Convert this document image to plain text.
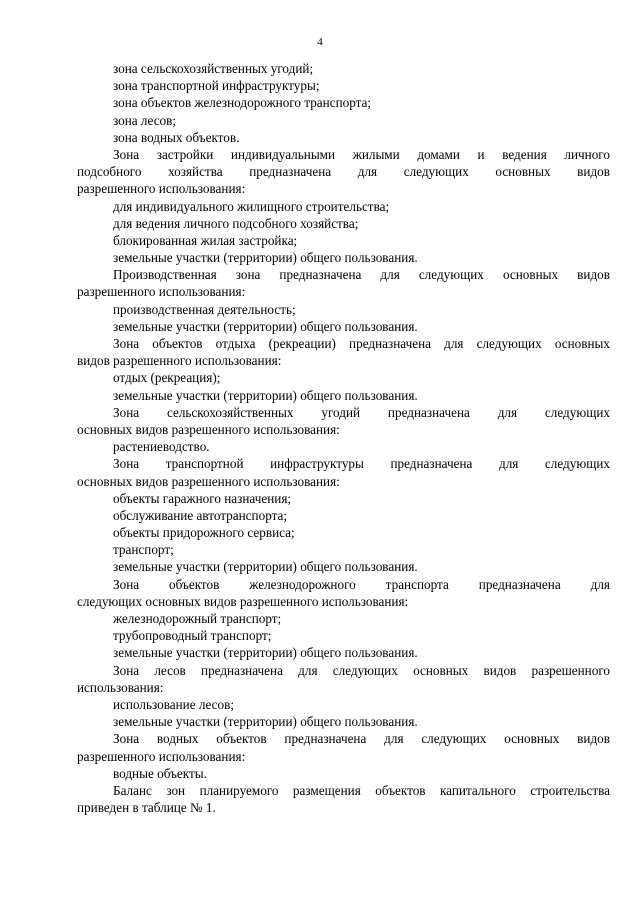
4
зона сельскохозяйственных угодий;
зона транспортной инфраструктуры;
зона объектов железнодорожного транспорта;
зона лесов;
зона водных объектов.
Зона застройки индивидуальными жилыми домами и ведения личного
подсобного хозяйства предназначена для следующих основных видов
разрешенного использования:
для индивидуального жилищного строительства;
для ведения личного подсобного хозяйства;
блокированная жилая застройка;
земельные участки (территории) общего пользования.
Производственная зона предназначена для следующих основных видов
разрешенного использования:
производственная деятельность;
земельные участки (территории) общего пользования.
Зона объектов отдыха (рекреации) предназначена для следующих основных
видов разрешенного использования:
отдых (рекреация);
земельные участки (территории) общего пользования.
Зона сельскохозяйственных угодий предназначена для следующих
основных видов разрешенного использования:
растениеводство.
Зона транспортной инфраструктуры предназначена для следующих
основных видов разрешенного использования:
объекты гаражного назначения;
обслуживание автотранспорта;
объекты придорожного сервиса;
транспорт;
земельные участки (территории) общего пользования.
Зона объектов железнодорожного транспорта предназначена для
следующих основных видов разрешенного использования:
железнодорожный транспорт;
трубопроводный транспорт;
земельные участки (территории) общего пользования.
Зона лесов предназначена для следующих основных видов разрешенного
использования:
использование лесов;
земельные участки (территории) общего пользования.
Зона водных объектов предназначена для следующих основных видов
разрешенного использования:
водные объекты.
Баланс зон планируемого размещения объектов капитального строительства
приведен в таблице № 1.
